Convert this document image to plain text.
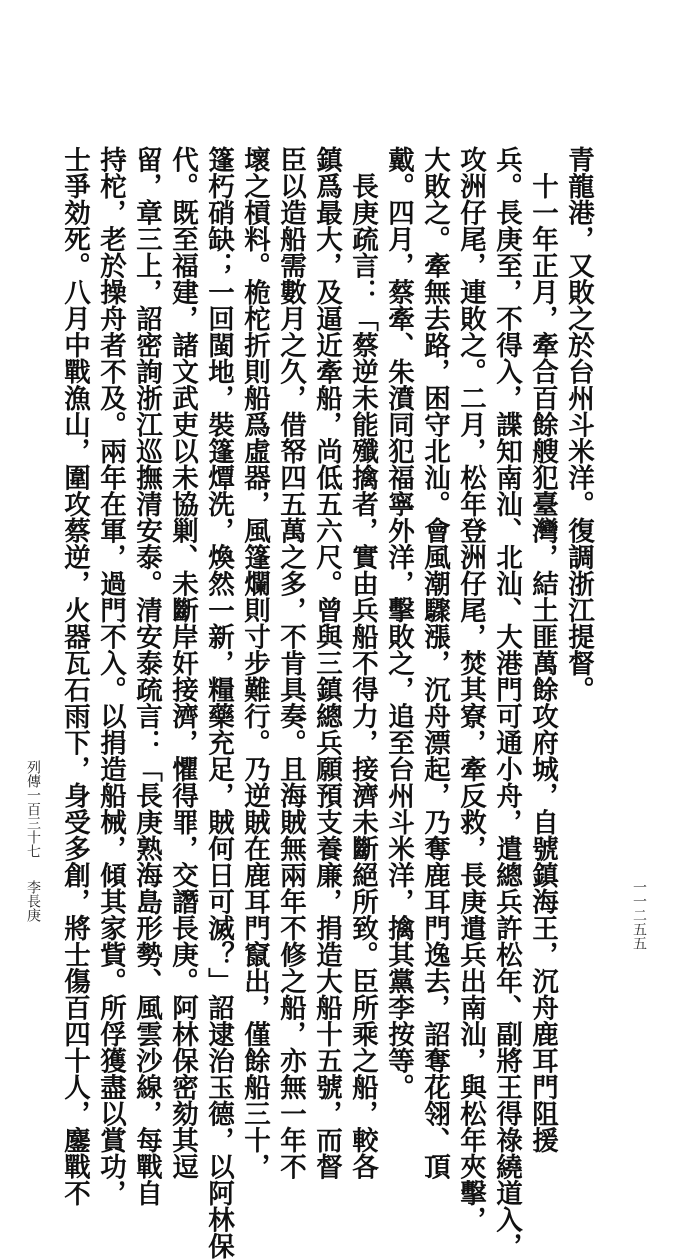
青龍港，又敗之於台州斗米洋。復調浙江提督。
　十一年正月，牽合百餘艘犯臺灣，結土匪萬餘攻府城，自號鎮海王，沉舟鹿耳門阻援
兵。長庚至，不得入，諜知南汕、北汕、大港門可通小舟，遣總兵許松年、副將王得祿繞道入，
攻洲仔尾，連敗之。二月，松年登洲仔尾，焚其寮，牽反救，長庚遣兵出南汕，與松年夾擊，
大敗之。牽無去路，困守北汕。會風潮驟漲，沉舟漂起，乃奪鹿耳門逸去，詔奪花翎、頂
戴。四月，蔡牽、朱濆同犯福寧外洋，擊敗之，追至台州斗米洋，擒其黨李按等。
　長庚疏言：「蔡逆未能殲擒者，實由兵船不得力，接濟未斷絕所致。臣所乘之船，較各
鎮爲最大，及逼近牽船，尚低五六尺。曾與三鎮總兵願預支養廉，捐造大船十五號，而督
臣以造船需數月之久，借帑四五萬之多，不肯具奏。且海賊無兩年不修之船，亦無一年不
壞之槓料。桅柁折則船爲虛器，風篷爛則寸步難行。乃逆賊在鹿耳門竄出，僅餘船三十，
篷朽硝缺；一回閩地，裝篷燂洗，煥然一新，糧藥充足，賊何日可滅？」詔逮治玉德，以阿林保
代。既至福建，諸文武吏以未協剿、未斷岸奸接濟，懼得罪，交譖長庚。阿林保密劾其逗
留，章三上，詔密詢浙江巡撫清安泰。清安泰疏言：「長庚熟海島形勢、風雲沙線，每戰自
持柁，老於操舟者不及。兩年在軍，過門不入。以捐造船械，傾其家貲。所俘獲盡以賞功，
士爭効死。八月中戰漁山，圍攻蔡逆，火器瓦石雨下，身受多創，將士傷百四十人，鏖戰不
列傳一百三十七
李長庚	一一二五五
